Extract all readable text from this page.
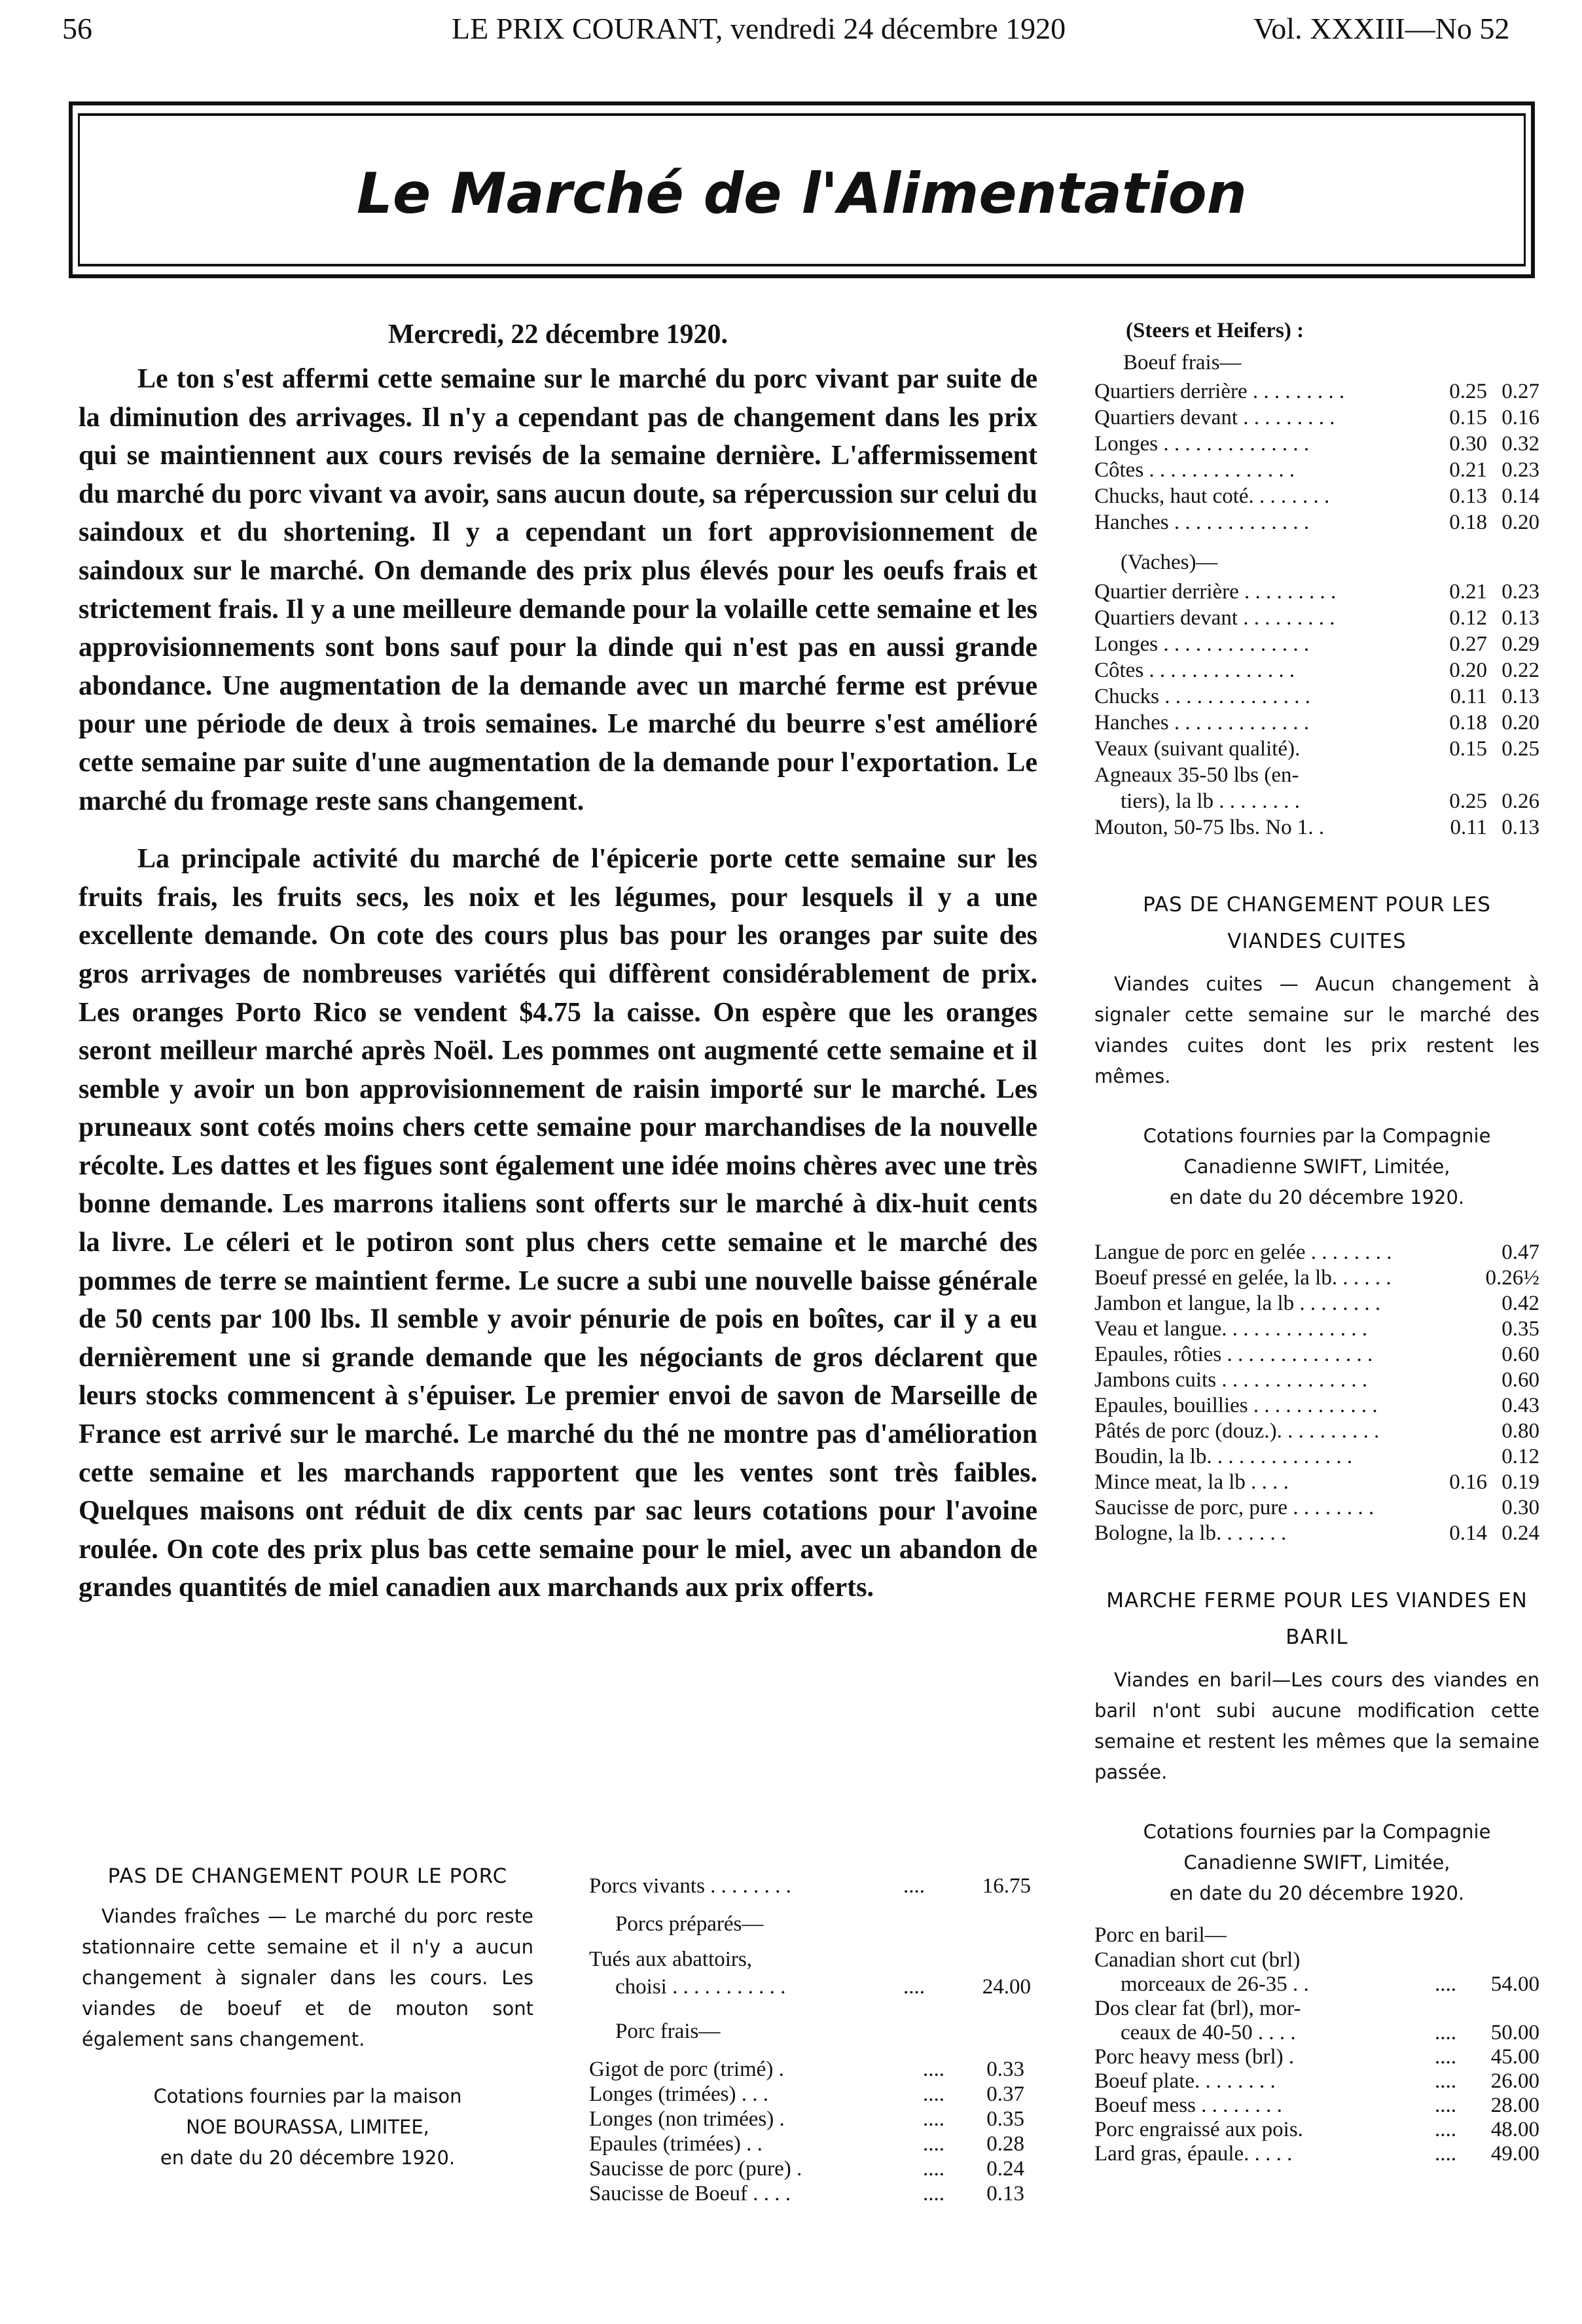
56	LE PRIX COURANT, vendredi 24 décembre 1920	Vol. XXXIII—No 52
Le Marché de l'Alimentation
Mercredi, 22 décembre 1920.

Le ton s'est affermi cette semaine sur le marché du porc vivant par suite de la diminution des arrivages. Il n'y a cependant pas de changement dans les prix qui se maintiennent aux cours revisés de la semaine dernière. L'affermissement du marché du porc vivant va avoir, sans aucun doute, sa répercussion sur celui du saindoux et du shortening. Il y a cependant un fort approvisionnement de saindoux sur le marché. On demande des prix plus élevés pour les oeufs frais et strictement frais. Il y a une meilleure demande pour la volaille cette semaine et les approvisionnements sont bons sauf pour la dinde qui n'est pas en aussi grande abondance. Une augmentation de la demande avec un marché ferme est prévue pour une période de deux à trois semaines. Le marché du beurre s'est amélioré cette semaine par suite d'une augmentation de la demande pour l'exportation. Le marché du fromage reste sans changement.

La principale activité du marché de l'épicerie porte cette semaine sur les fruits frais, les fruits secs, les noix et les légumes, pour lesquels il y a une excellente demande. On cote des cours plus bas pour les oranges par suite des gros arrivages de nombreuses variétés qui diffèrent considérablement de prix. Les oranges Porto Rico se vendent $4.75 la caisse. On espère que les oranges seront meilleur marché après Noël. Les pommes ont augmenté cette semaine et il semble y avoir un bon approvisionnement de raisin importé sur le marché. Les pruneaux sont cotés moins chers cette semaine pour marchandises de la nouvelle récolte. Les dattes et les figues sont également une idée moins chères avec une très bonne demande. Les marrons italiens sont offerts sur le marché à dix-huit cents la livre. Le céleri et le potiron sont plus chers cette semaine et le marché des pommes de terre se maintient ferme. Le sucre a subi une nouvelle baisse générale de 50 cents par 100 lbs. Il semble y avoir pénurie de pois en boîtes, car il y a eu dernièrement une si grande demande que les négociants de gros déclarent que leurs stocks commencent à s'épuiser. Le premier envoi de savon de Marseille de France est arrivé sur le marché. Le marché du thé ne montre pas d'amélioration cette semaine et les marchands rapportent que les ventes sont très faibles. Quelques maisons ont réduit de dix cents par sac leurs cotations pour l'avoine roulée. On cote des prix plus bas cette semaine pour le miel, avec un abandon de grandes quantités de miel canadien aux marchands aux prix offerts.

PAS DE CHANGEMENT POUR LE PORC
Viandes fraîches — Le marché du porc reste stationnaire cette semaine et il n'y a aucun changement à signaler dans les cours. Les viandes de boeuf et de mouton sont également sans changement.
Cotations fournies par la maison
NOE BOURASSA, LIMITEE,
en date du 20 décembre 1920.
Porcs vivants . . . . . . . .	....	16.75
Porcs préparés—
Tués aux abattoirs,
choisi . . . . . . . . . . .	....	24.00
Porc frais—
Gigot de porc (trimé) .	.... 0.33
Longes (trimées) . . .	.... 0.37
Longes (non trimées) .	.... 0.35
Epaules (trimées) . .	.... 0.28
Saucisse de porc (pure) .	.... 0.24
Saucisse de Boeuf . . . .	.... 0.13
(Steers et Heifers) :
Boeuf frais—
Quartiers derrière . . . . . . . . .	0.25 0.27
Quartiers devant . . . . . . . . .	0.15 0.16
Longes . . . . . . . . . . . . . .	0.30 0.32
Côtes . . . . . . . . . . . . . .	0.21 0.23
Chucks, haut coté. . . . . . . .	0.13 0.14
Hanches . . . . . . . . . . . . .	0.18 0.20
(Vaches)—
Quartier derrière . . . . . . . . .	0.21 0.23
Quartiers devant . . . . . . . . .	0.12 0.13
Longes . . . . . . . . . . . . . .	0.27 0.29
Côtes . . . . . . . . . . . . . .	0.20 0.22
Chucks . . . . . . . . . . . . . .	0.11 0.13
Hanches . . . . . . . . . . . . .	0.18 0.20
Veaux (suivant qualité).	0.15 0.25
Agneaux 35-50 lbs (en-
tiers), la lb . . . . . . . .	0.25 0.26
Mouton, 50-75 lbs. No 1. .	0.11 0.13
PAS DE CHANGEMENT POUR LES VIANDES CUITES
Viandes cuites — Aucun changement à signaler cette semaine sur le marché des viandes cuites dont les prix restent les mêmes.
Cotations fournies par la Compagnie
Canadienne SWIFT, Limitée,
en date du 20 décembre 1920.
Langue de porc en gelée . . . . . . . .	0.47
Boeuf pressé en gelée, la lb. . . . . .	0.26½
Jambon et langue, la lb . . . . . . . .	0.42
Veau et langue. . . . . . . . . . . . . .	0.35
Epaules, rôties . . . . . . . . . . . . . .	0.60
Jambons cuits . . . . . . . . . . . . . .	0.60
Epaules, bouillies . . . . . . . . . . . .	0.43
Pâtés de porc (douz.). . . . . . . . . .	0.80
Boudin, la lb. . . . . . . . . . . . . .	0.12
Mince meat, la lb . . . .	0.16 0.19
Saucisse de porc, pure . . . . . . . .	0.30
Bologne, la lb. . . . . . .	0.14 0.24
MARCHE FERME POUR LES VIANDES EN BARIL
Viandes en baril—Les cours des viandes en baril n'ont subi aucune modification cette semaine et restent les mêmes que la semaine passée.
Cotations fournies par la Compagnie
Canadienne SWIFT, Limitée,
en date du 20 décembre 1920.
Porc en baril—
Canadian short cut (brl)
morceaux de 26-35 . .	.... 54.00
Dos clear fat (brl), mor-
ceaux de 40-50 . . . .	.... 50.00
Porc heavy mess (brl) .	.... 45.00
Boeuf plate. . . . . . . .	.... 26.00
Boeuf mess . . . . . . . .	.... 28.00
Porc engraissé aux pois.	.... 48.00
Lard gras, épaule. . . . .	.... 49.00
